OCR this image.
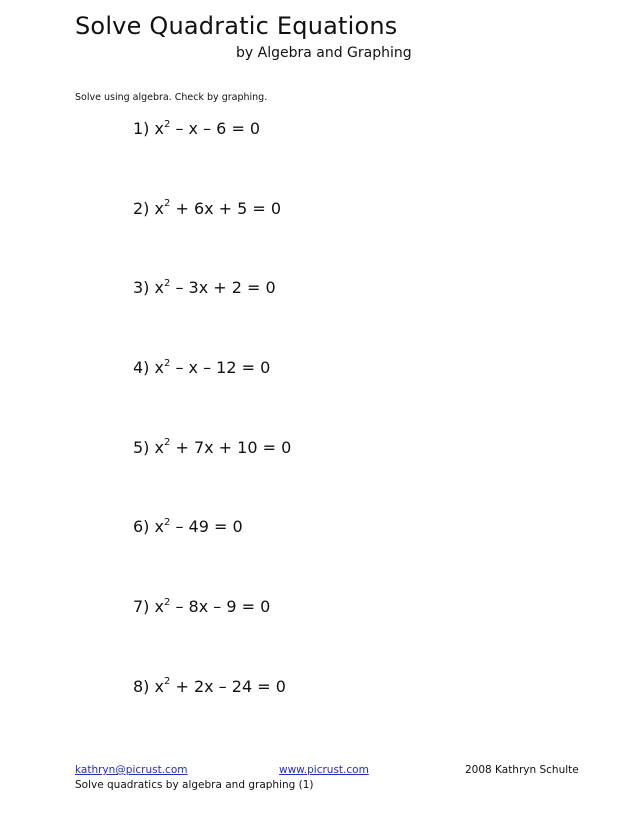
Solve Quadratic Equations
by Algebra and Graphing
Solve using algebra. Check by graphing.
1) $x^2 - x - 6 = 0$
2) $x^2 + 6x + 5 = 0$
3) $x^2 - 3x + 2 = 0$
4) $x^2 - x - 12 = 0$
5) $x^2 + 7x + 10 = 0$
6) $x^2 - 49 = 0$
7) $x^2 - 8x - 9 = 0$
8) $x^2 + 2x - 24 = 0$
kathryn@picrust.com	www.picrust.com	2008 Kathryn Schulte
Solve quadratics by algebra and graphing (1)
